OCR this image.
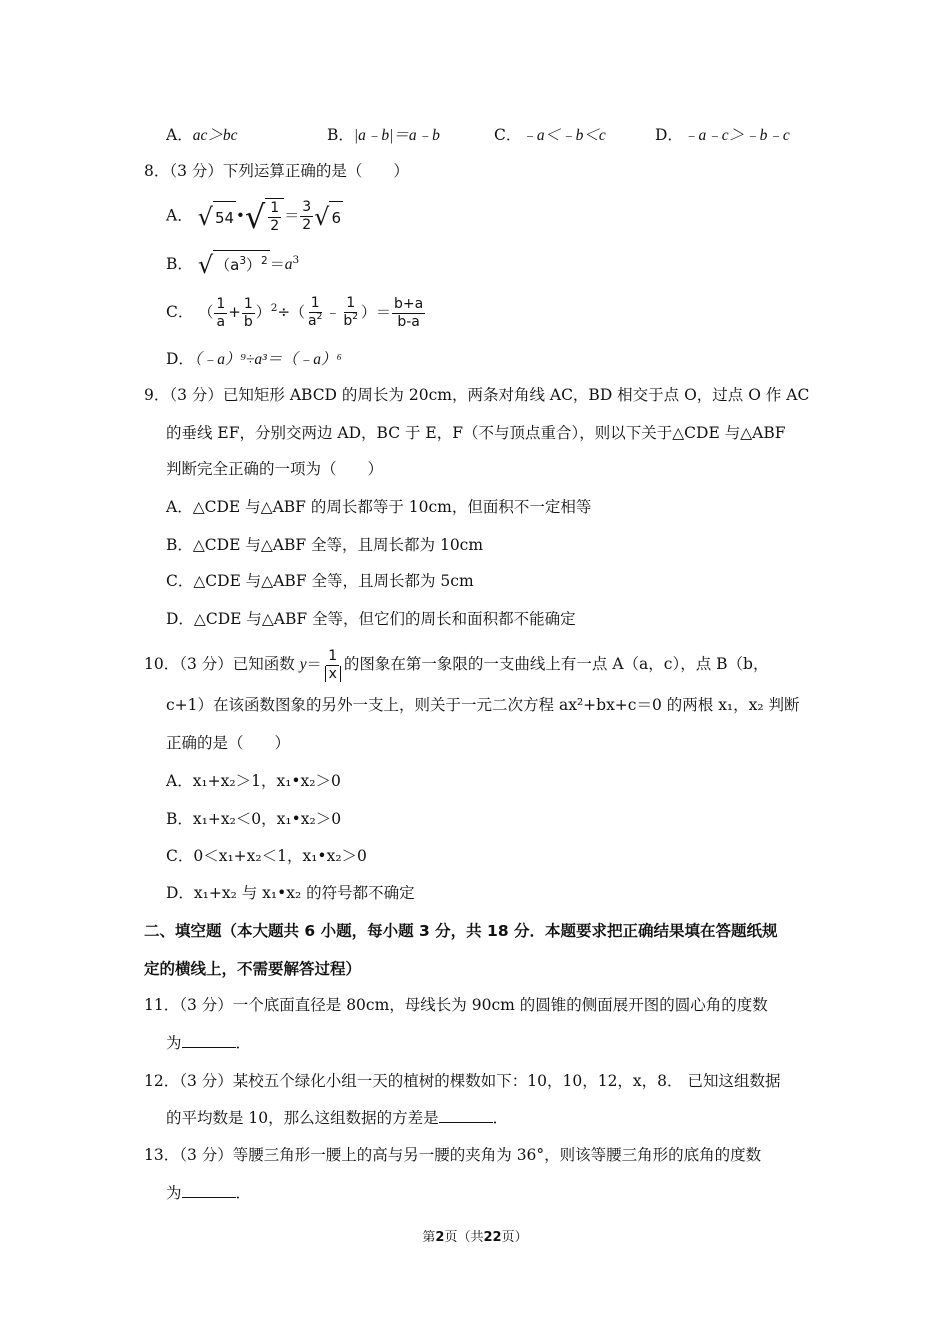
A．ac＞bc	B．|a﹣b|＝a﹣b	C．﹣a＜﹣b＜c	D．﹣a﹣c＞﹣b﹣c
8．（3 分）下列运算正确的是（　　）
A． √ 54 • √ $\frac{1}{2} = \frac{3}{2}$ √ 6
B． √ $(a^3)^2 =a^3$
C． （ $\frac{1}{a} + \frac{1}{b} )^2\div( \frac{1}{a^2}$ ﹣ $\frac{1}{b^2}$ ）＝ $\frac{b+a}{b-a}$
D．（﹣a）⁹÷a³＝（﹣a）⁶
9．（3 分）已知矩形 ABCD 的周长为 20cm，两条对角线 AC，BD 相交于点 O，过点 O 作 AC
的垂线 EF，分别交两边 AD，BC 于 E，F（不与顶点重合），则以下关于△CDE 与△ABF
判断完全正确的一项为（　　）
A．△CDE 与△ABF 的周长都等于 10cm，但面积不一定相等
B．△CDE 与△ABF 全等，且周长都为 10cm
C．△CDE 与△ABF 全等，且周长都为 5cm
D．△CDE 与△ABF 全等，但它们的周长和面积都不能确定
10．（3 分）已知函数 $y= \frac{1}{x}$ 的图象在第一象限的一支曲线上有一点 A（a，c），点 B（b，
c+1）在该函数图象的另外一支上，则关于一元二次方程 ax²+bx+c＝0 的两根 x₁，x₂ 判断
正确的是（　　）
A．x₁+x₂＞1，x₁•x₂＞0
B．x₁+x₂＜0，x₁•x₂＞0
C．0＜x₁+x₂＜1，x₁•x₂＞0
D．x₁+x₂ 与 x₁•x₂ 的符号都不确定
二、填空题（本大题共 6 小题，每小题 3 分，共 18 分．本题要求把正确结果填在答题纸规
定的横线上，不需要解答过程）
11．（3 分）一个底面直径是 80cm，母线长为 90cm 的圆锥的侧面展开图的圆心角的度数
为	．
12．（3 分）某校五个绿化小组一天的植树的棵数如下：10，10，12，x，8． 已知这组数据
的平均数是 10，那么这组数据的方差是	．
13．（3 分）等腰三角形一腰上的高与另一腰的夹角为 36°，则该等腰三角形的底角的度数
为	．
第2页（共22页）
